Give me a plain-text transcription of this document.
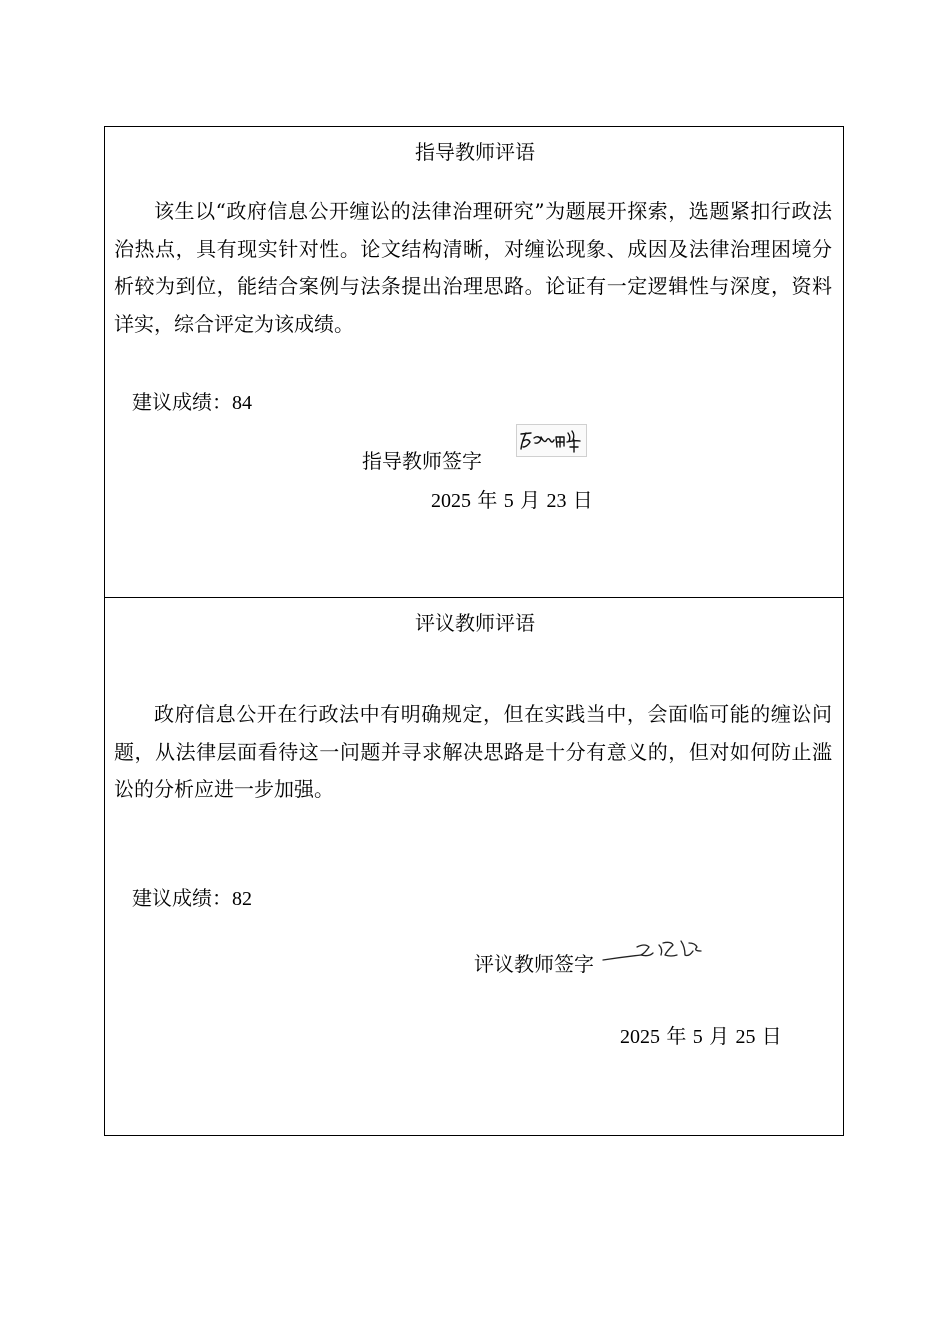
指导教师评语
该生以“政府信息公开缠讼的法律治理研究”为题展开探索，选题紧扣行政法治热点，具有现实针对性。论文结构清晰，对缠讼现象、成因及法律治理困境分析较为到位，能结合案例与法条提出治理思路。论证有一定逻辑性与深度，资料详实，综合评定为该成绩。
建议成绩：84
指导教师签字
2025 年 5 月 23 日
评议教师评语
政府信息公开在行政法中有明确规定，但在实践当中，会面临可能的缠讼问题，从法律层面看待这一问题并寻求解决思路是十分有意义的，但对如何防止滥讼的分析应进一步加强。
建议成绩：82
评议教师签字
2025 年 5 月 25 日
